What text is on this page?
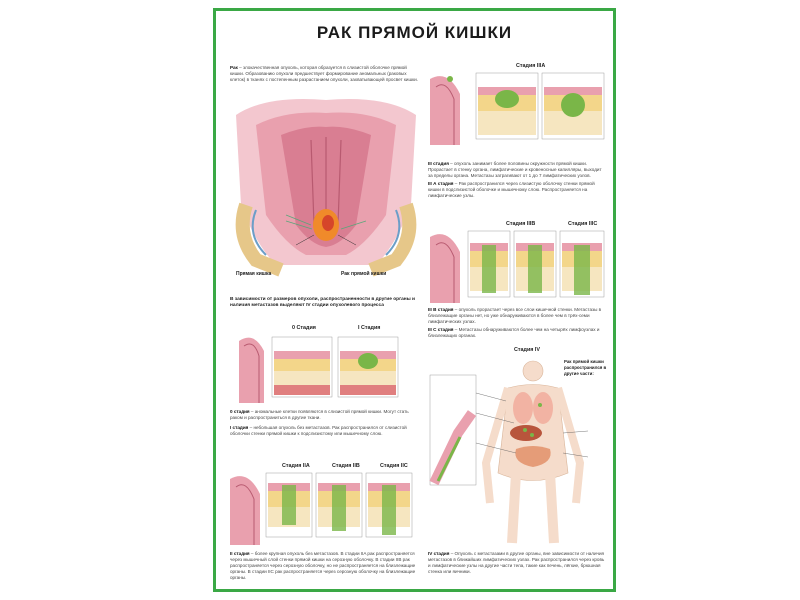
РАК ПРЯМОЙ КИШКИ
Рак – злокачественная опухоль, которая образуется в слизистой оболочке прямой кишки. Образованию опухоли предшествует формирование аномальных (раковых клеток) в тканях с постепенным разрастанием опухоли, захватывающей просвет кишки.
Прямая кишка	Рак прямой кишки
В зависимости от размеров опухоли, распространенности в другие органы и наличия метастазов выделяют IV стадии опухолевого процесса
0 Стадия	I Стадия
0 стадия – аномальные клетки появляются в слизистой прямой кишки. Могут стать раком и распространиться в другие ткани.
I стадия – небольшая опухоль без метастазов. Рак распространился от слизистой оболочки стенки прямой кишки к подслизистому или мышечному слою.
Стадия IIA	Стадия IIB	Стадия IIC
II стадия – более крупная опухоль без метастазов. В стадии IIA рак распространяется через мышечный слой стенки прямой кишки на серозную оболочку. В стадии IIB рак распространяется через серозную оболочку, но не распространяется на близлежащие органы. В стадии IIC рак распространяется через серозную оболочку на близлежащие органы.
Стадия IIIA
III стадия – опухоль занимает более половины окружности прямой кишки. Прорастает в стенку органа, лимфатические и кровеносные капилляры, выходит за пределы органа. Метастазы затрагивают от 1 до 7 лимфатических узлов.
III А стадия – Рак распространился через слизистую оболочку стенки прямой кишки в подслизистой оболочке и мышечному слою. Распространяется на лимфатические узлы.
Стадия IIIB	Стадия IIIC
III В стадия – опухоль прорастает через все слои кишечной стенки. Метастазы в близлежащие органы нет, но уже обнаруживаются в более чем в трёх-семи лимфатических узлах.
III С стадия – Метастазы обнаруживаются более чем на четырёх лимфоузлах и близлежащих органах.
Стадия IV
Рак прямой кишки распространился в другие части:
IV стадия – Опухоль с метастазами в другие органы, вне зависимости от наличия метастазов в ближайших лимфатических узлах. Рак распространился через кровь и лимфатические узлы на другие части тела, такие как печень, лёгкие, брюшная стенка или яичники.
